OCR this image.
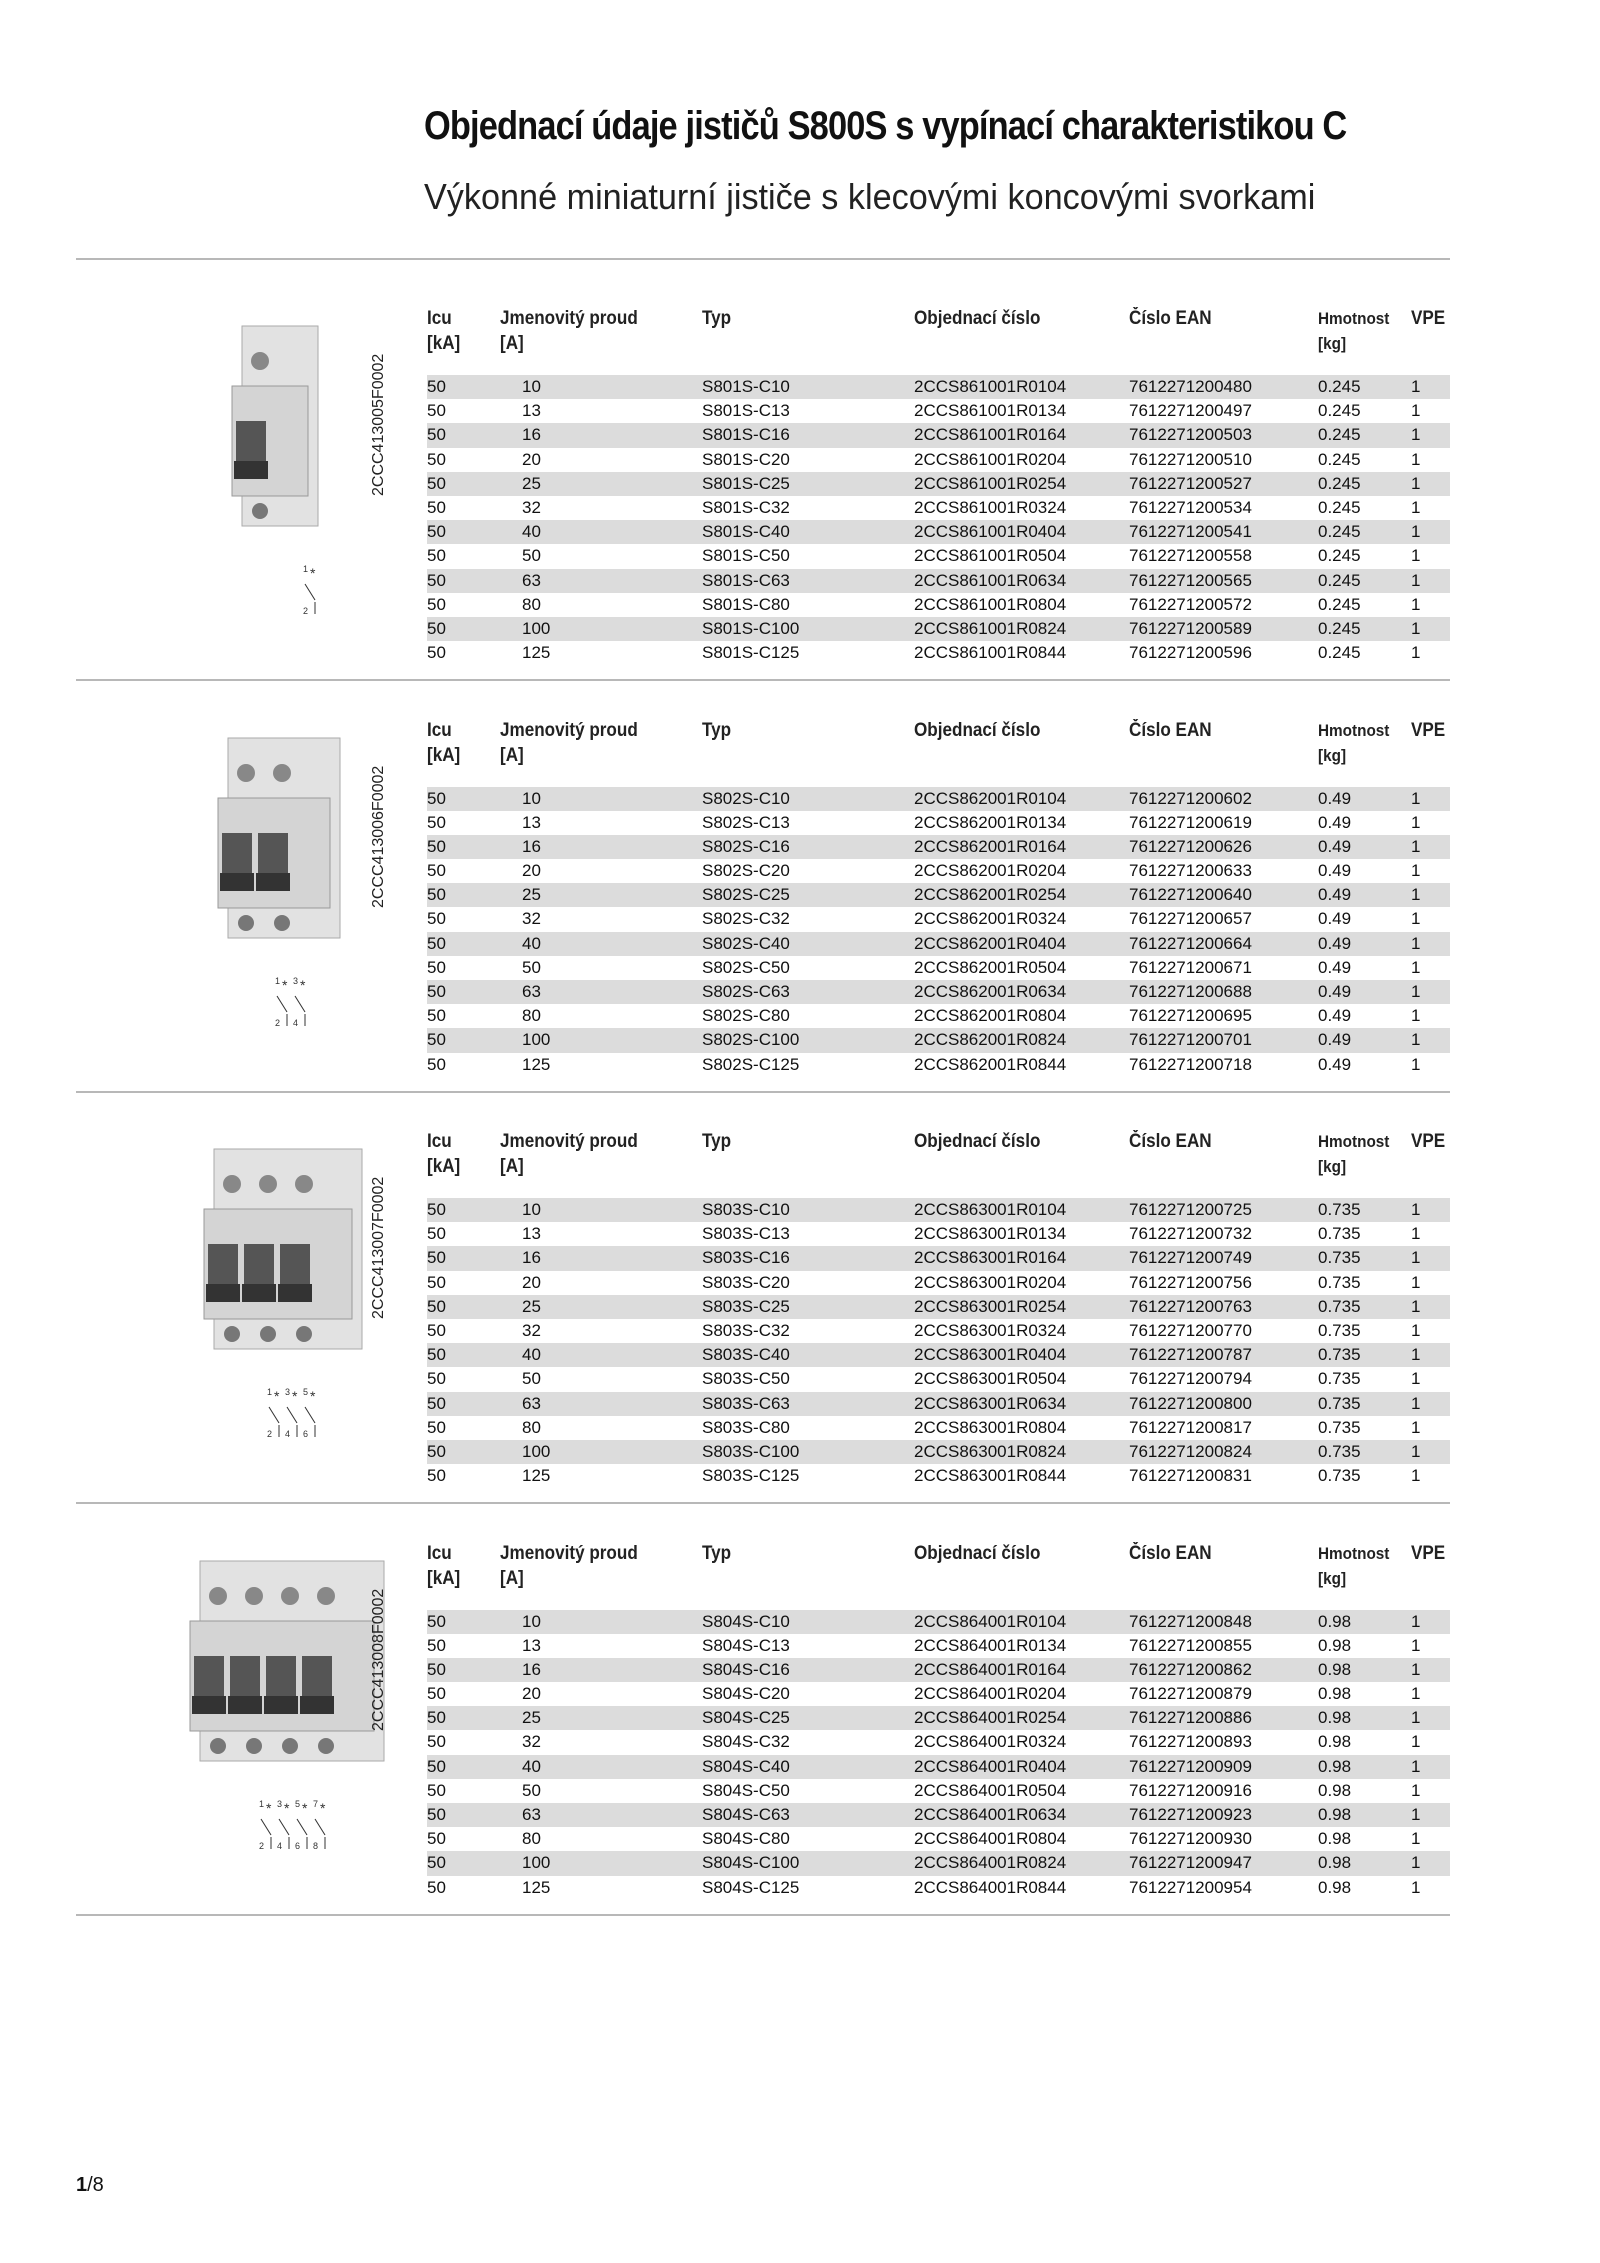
Objednací údaje jističů S800S s vypínací charakteristikou C
Výkonné miniaturní jističe s klecovými koncovými svorkami
1 *
2
2CCC413005F0002
Icu
[kA]
Jmenovitý proud
[A]
Typ	Objednací číslo	Číslo EAN	Hmotnost
[kg]
VPE
50	10	S801S-C10	2CCS861001R0104	7612271200480	0.245	1
50	13	S801S-C13	2CCS861001R0134	7612271200497	0.245	1
50	16	S801S-C16	2CCS861001R0164	7612271200503	0.245	1
50	20	S801S-C20	2CCS861001R0204	7612271200510	0.245	1
50	25	S801S-C25	2CCS861001R0254	7612271200527	0.245	1
50	32	S801S-C32	2CCS861001R0324	7612271200534	0.245	1
50	40	S801S-C40	2CCS861001R0404	7612271200541	0.245	1
50	50	S801S-C50	2CCS861001R0504	7612271200558	0.245	1
50	63	S801S-C63	2CCS861001R0634	7612271200565	0.245	1
50	80	S801S-C80	2CCS861001R0804	7612271200572	0.245	1
50	100	S801S-C100	2CCS861001R0824	7612271200589	0.245	1
50	125	S801S-C125	2CCS861001R0844	7612271200596	0.245	1
1 *
2
3 *
4
2CCC413006F0002
Icu
[kA]
Jmenovitý proud
[A]
Typ	Objednací číslo	Číslo EAN	Hmotnost
[kg]
VPE
50	10	S802S-C10	2CCS862001R0104	7612271200602	0.49	1
50	13	S802S-C13	2CCS862001R0134	7612271200619	0.49	1
50	16	S802S-C16	2CCS862001R0164	7612271200626	0.49	1
50	20	S802S-C20	2CCS862001R0204	7612271200633	0.49	1
50	25	S802S-C25	2CCS862001R0254	7612271200640	0.49	1
50	32	S802S-C32	2CCS862001R0324	7612271200657	0.49	1
50	40	S802S-C40	2CCS862001R0404	7612271200664	0.49	1
50	50	S802S-C50	2CCS862001R0504	7612271200671	0.49	1
50	63	S802S-C63	2CCS862001R0634	7612271200688	0.49	1
50	80	S802S-C80	2CCS862001R0804	7612271200695	0.49	1
50	100	S802S-C100	2CCS862001R0824	7612271200701	0.49	1
50	125	S802S-C125	2CCS862001R0844	7612271200718	0.49	1
1 *
2
3 *
4
5 *
6
2CCC413007F0002
Icu
[kA]
Jmenovitý proud
[A]
Typ	Objednací číslo	Číslo EAN	Hmotnost
[kg]
VPE
50	10	S803S-C10	2CCS863001R0104	7612271200725	0.735	1
50	13	S803S-C13	2CCS863001R0134	7612271200732	0.735	1
50	16	S803S-C16	2CCS863001R0164	7612271200749	0.735	1
50	20	S803S-C20	2CCS863001R0204	7612271200756	0.735	1
50	25	S803S-C25	2CCS863001R0254	7612271200763	0.735	1
50	32	S803S-C32	2CCS863001R0324	7612271200770	0.735	1
50	40	S803S-C40	2CCS863001R0404	7612271200787	0.735	1
50	50	S803S-C50	2CCS863001R0504	7612271200794	0.735	1
50	63	S803S-C63	2CCS863001R0634	7612271200800	0.735	1
50	80	S803S-C80	2CCS863001R0804	7612271200817	0.735	1
50	100	S803S-C100	2CCS863001R0824	7612271200824	0.735	1
50	125	S803S-C125	2CCS863001R0844	7612271200831	0.735	1
1 *
2
3 *
4
5 *
6
7 *
8
2CCC413008F0002
Icu
[kA]
Jmenovitý proud
[A]
Typ	Objednací číslo	Číslo EAN	Hmotnost
[kg]
VPE
50	10	S804S-C10	2CCS864001R0104	7612271200848	0.98	1
50	13	S804S-C13	2CCS864001R0134	7612271200855	0.98	1
50	16	S804S-C16	2CCS864001R0164	7612271200862	0.98	1
50	20	S804S-C20	2CCS864001R0204	7612271200879	0.98	1
50	25	S804S-C25	2CCS864001R0254	7612271200886	0.98	1
50	32	S804S-C32	2CCS864001R0324	7612271200893	0.98	1
50	40	S804S-C40	2CCS864001R0404	7612271200909	0.98	1
50	50	S804S-C50	2CCS864001R0504	7612271200916	0.98	1
50	63	S804S-C63	2CCS864001R0634	7612271200923	0.98	1
50	80	S804S-C80	2CCS864001R0804	7612271200930	0.98	1
50	100	S804S-C100	2CCS864001R0824	7612271200947	0.98	1
50	125	S804S-C125	2CCS864001R0844	7612271200954	0.98	1
1/8
